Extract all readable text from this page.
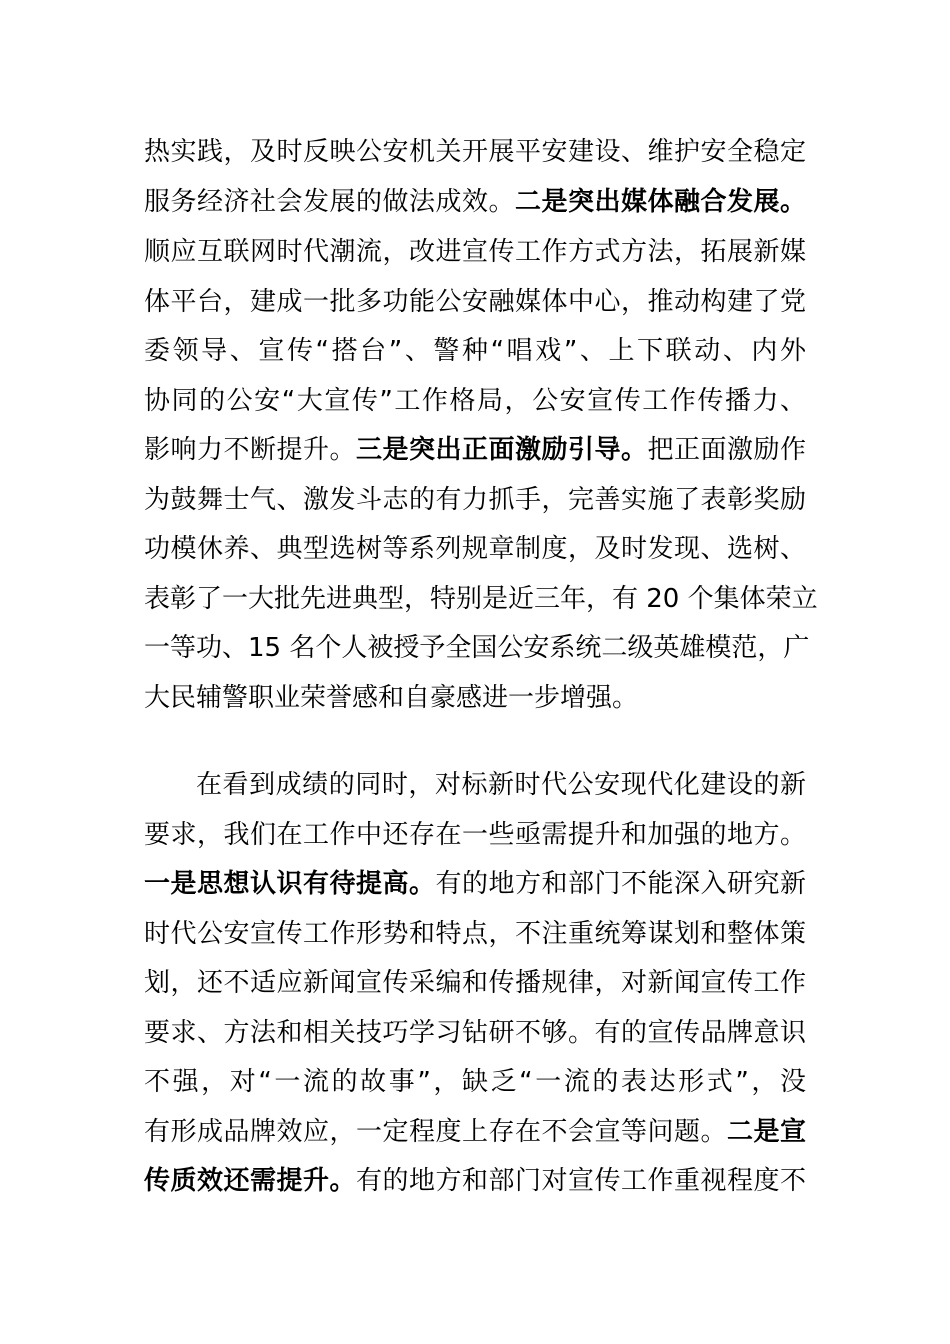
热实践，及时反映公安机关开展平安建设、维护安全稳定
服务经济社会发展的做法成效。二是突出媒体融合发展。
顺应互联网时代潮流，改进宣传工作方式方法，拓展新媒
体平台，建成一批多功能公安融媒体中心，推动构建了党
委领导、宣传“搭台”、警种“唱戏”、上下联动、内外
协同的公安“大宣传”工作格局，公安宣传工作传播力、
影响力不断提升。三是突出正面激励引导。把正面激励作
为鼓舞士气、激发斗志的有力抓手，完善实施了表彰奖励
功模休养、典型选树等系列规章制度，及时发现、选树、
表彰了一大批先进典型，特别是近三年，有 20 个集体荣立
一等功、15 名个人被授予全国公安系统二级英雄模范，广
大民辅警职业荣誉感和自豪感进一步增强。
在看到成绩的同时，对标新时代公安现代化建设的新
要求，我们在工作中还存在一些亟需提升和加强的地方。
一是思想认识有待提高。有的地方和部门不能深入研究新
时代公安宣传工作形势和特点，不注重统筹谋划和整体策
划，还不适应新闻宣传采编和传播规律，对新闻宣传工作
要求、方法和相关技巧学习钻研不够。有的宣传品牌意识
不强，对“一流的故事”，缺乏“一流的表达形式”，没
有形成品牌效应，一定程度上存在不会宣等问题。二是宣
传质效还需提升。有的地方和部门对宣传工作重视程度不
